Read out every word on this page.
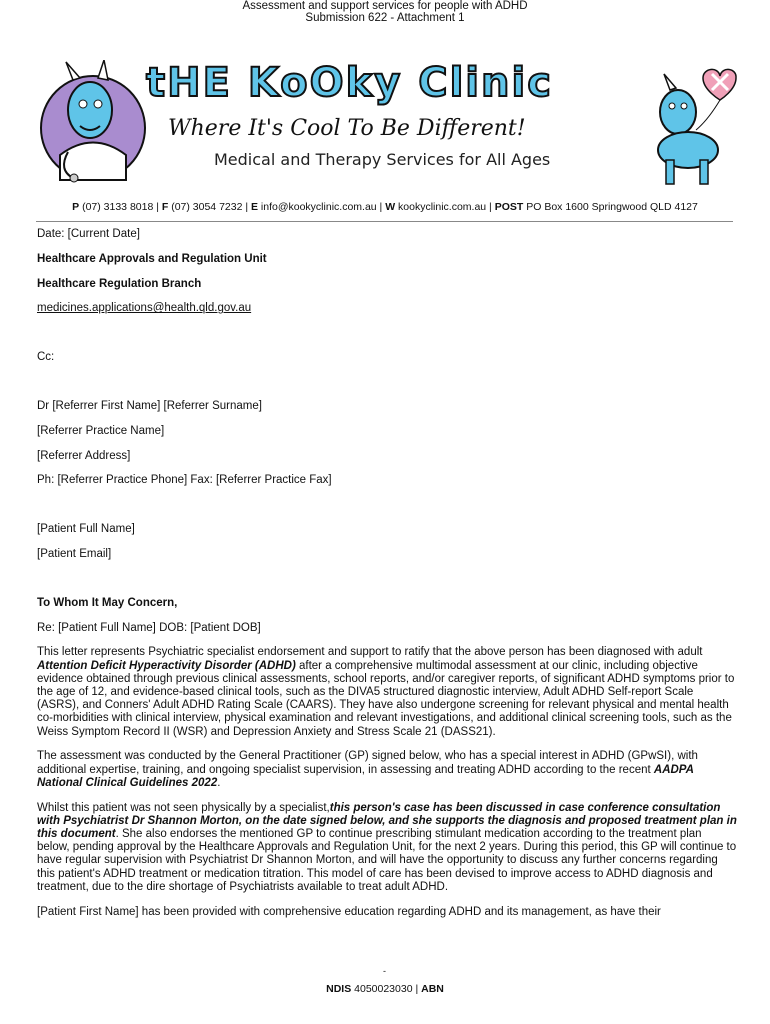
Assessment and support services for people with ADHD
Submission 622 - Attachment 1
tHE KoOky Clinic
Where It's Cool To Be Different!
Medical and Therapy Services for All Ages
P (07) 3133 8018 | F (07) 3054 7232 | E info@kookyclinic.com.au | W kookyclinic.com.au | POST PO Box 1600 Springwood QLD 4127
Date: [Current Date]
Healthcare Approvals and Regulation Unit
Healthcare Regulation Branch
medicines.applications@health.qld.gov.au
Cc:
Dr [Referrer First Name] [Referrer Surname]
[Referrer Practice Name]
[Referrer Address]
Ph: [Referrer Practice Phone] Fax: [Referrer Practice Fax]
[Patient Full Name]
[Patient Email]
To Whom It May Concern,
Re: [Patient Full Name] DOB: [Patient DOB]

This letter represents Psychiatric specialist endorsement and support to ratify that the above person has been diagnosed with adult Attention Deficit Hyperactivity Disorder (ADHD) after a comprehensive multimodal assessment at our clinic, including objective evidence obtained through previous clinical assessments, school reports, and/or caregiver reports, of significant ADHD symptoms prior to the age of 12, and evidence-based clinical tools, such as the DIVA5 structured diagnostic interview, Adult ADHD Self-report Scale (ASRS), and Conners' Adult ADHD Rating Scale (CAARS). They have also undergone screening for relevant physical and mental health co-morbidities with clinical interview, physical examination and relevant investigations, and additional clinical screening tools, such as the Weiss Symptom Record II (WSR) and Depression Anxiety and Stress Scale 21 (DASS21).

The assessment was conducted by the General Practitioner (GP) signed below, who has a special interest in ADHD (GPwSI), with additional expertise, training, and ongoing specialist supervision, in assessing and treating ADHD according to the recent AADPA National Clinical Guidelines 2022.

Whilst this patient was not seen physically by a specialist,this person's case has been discussed in case conference consultation with Psychiatrist Dr Shannon Morton, on the date signed below, and she supports the diagnosis and proposed treatment plan in this document. She also endorses the mentioned GP to continue prescribing stimulant medication according to the treatment plan below, pending approval by the Healthcare Approvals and Regulation Unit, for the next 2 years. During this period, this GP will continue to have regular supervision with Psychiatrist Dr Shannon Morton, and will have the opportunity to discuss any further concerns regarding this patient's ADHD treatment or medication titration. This model of care has been devised to improve access to ADHD diagnosis and treatment, due to the dire shortage of Psychiatrists available to treat adult ADHD.

[Patient First Name] has been provided with comprehensive education regarding ADHD and its management, as have their

-
NDIS 4050023030 | ABN
